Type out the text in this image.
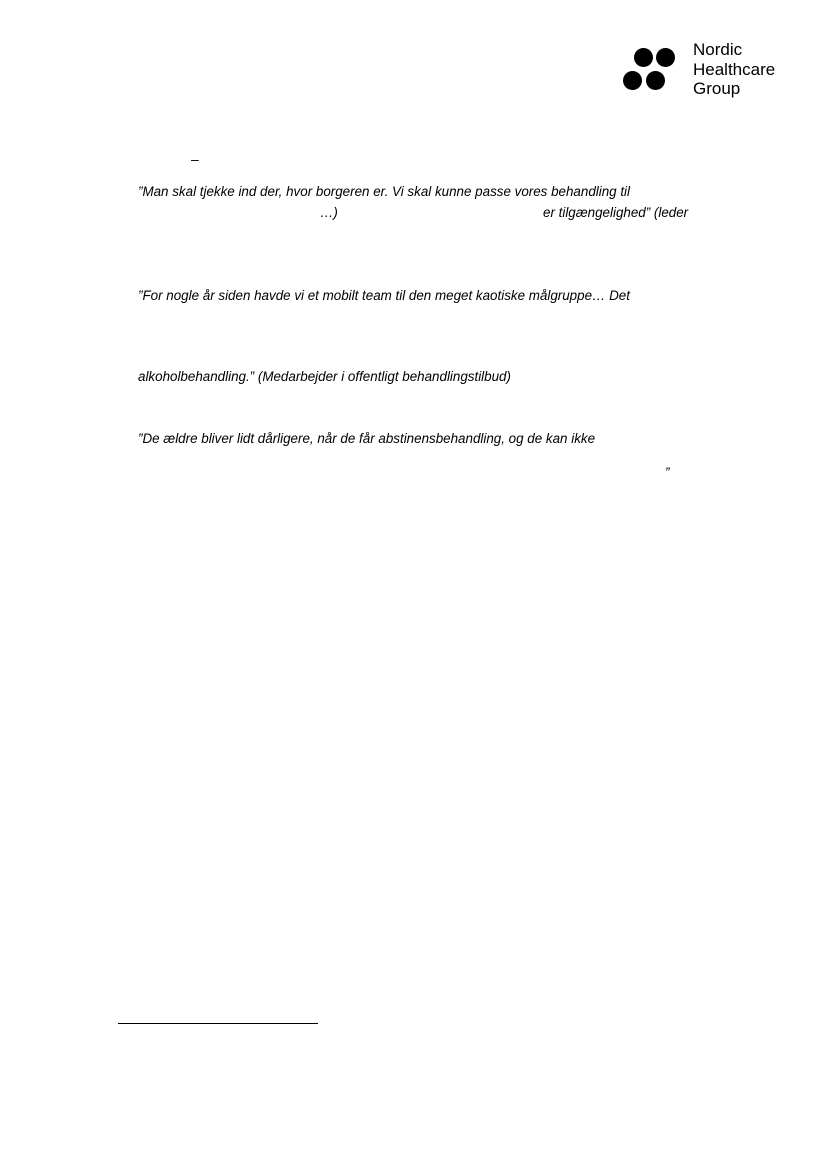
Nordic
Healthcare
Group
–
”Man skal tjekke ind der, hvor borgeren er. Vi skal kunne passe vores behandling til
…)	er tilgængelighed” (leder
”For nogle år siden havde vi et mobilt team til den meget kaotiske målgruppe… Det
alkoholbehandling.” (Medarbejder i offentligt behandlingstilbud)
”De ældre bliver lidt dårligere, når de får abstinensbehandling, og de kan ikke
”
